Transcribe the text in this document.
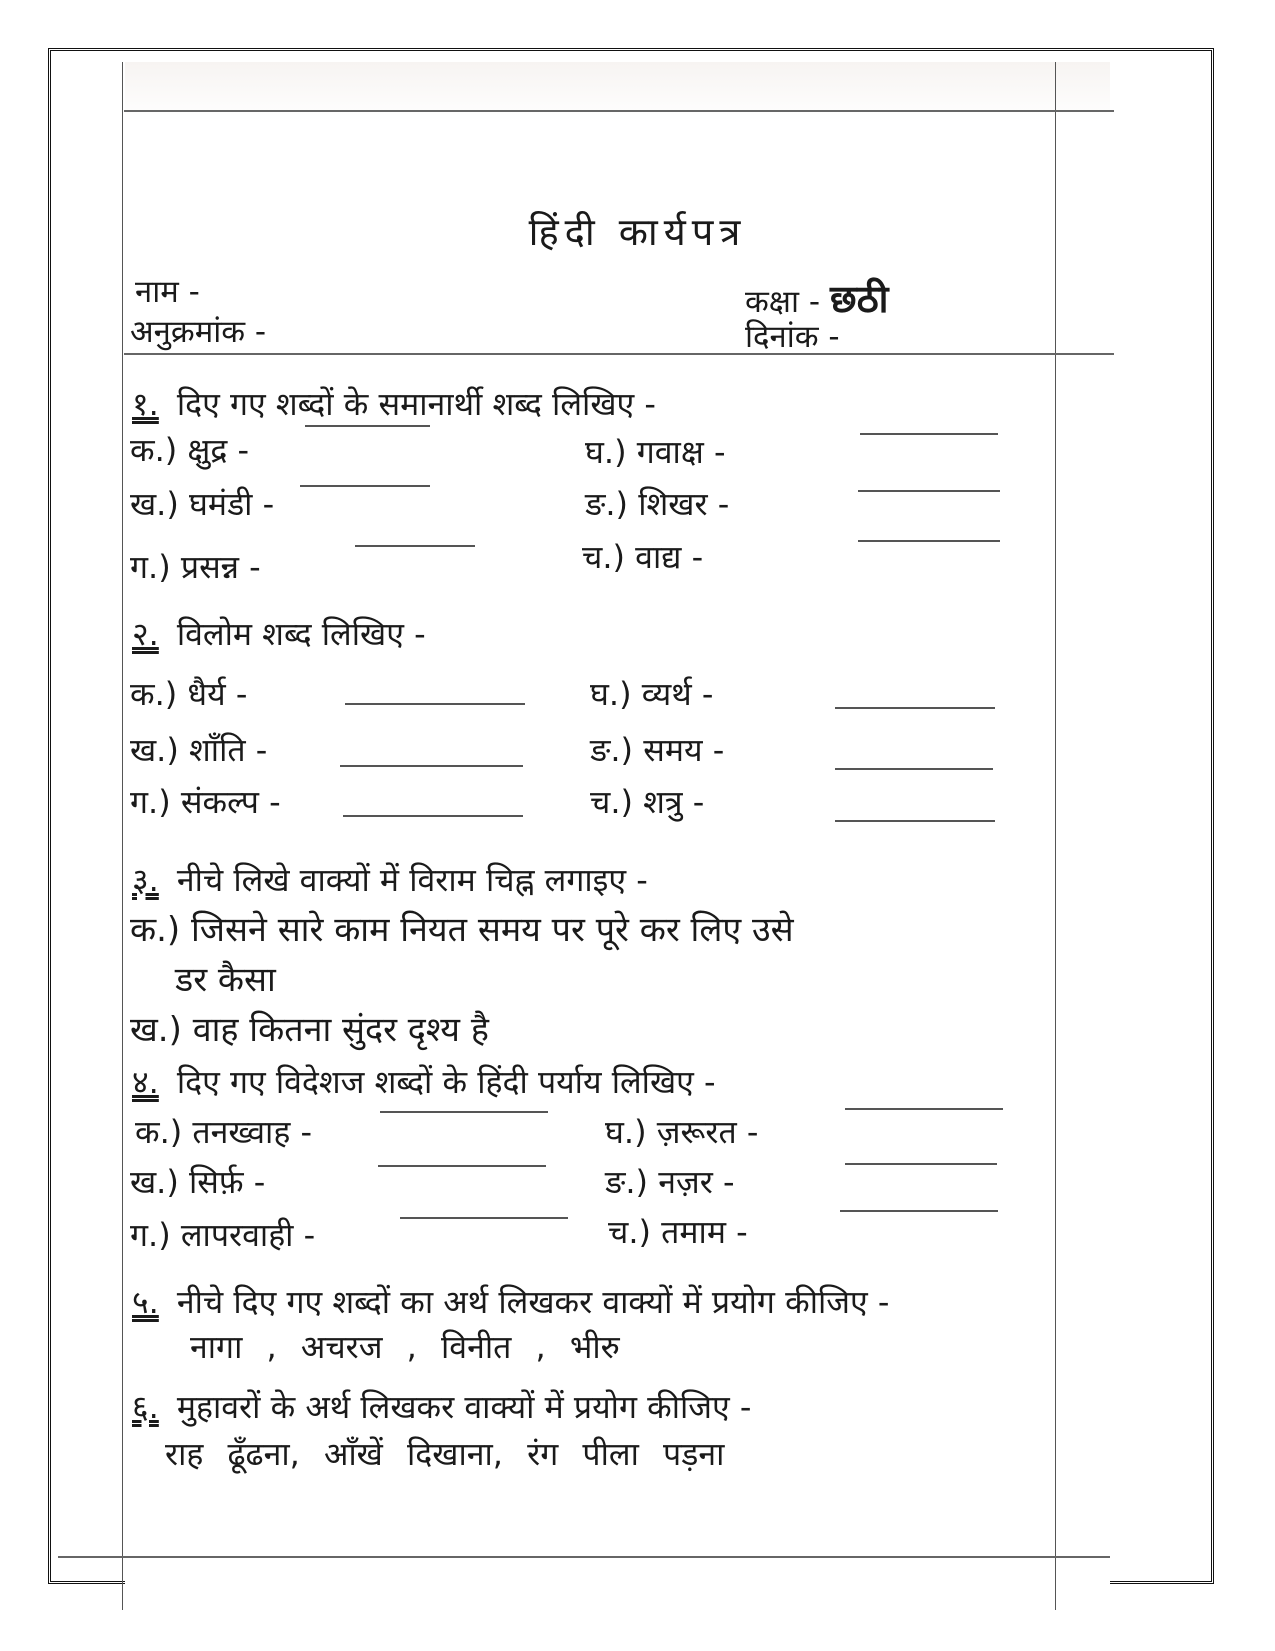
हिंदी कार्यपत्र
नाम -
अनुक्रमांक -
कक्षा - छठी
दिनांक -
१. दिए गए शब्दों के समानार्थी शब्द लिखिए -
क.) क्षुद्र -
ख.) घमंडी -
ग.) प्रसन्न -
घ.) गवाक्ष -
ङ.) शिखर -
च.) वाद्य -
२. विलोम शब्द लिखिए -
क.) धैर्य -
ख.) शाँति -
ग.) संकल्प -
घ.) व्यर्थ -
ङ.) समय -
च.) शत्रु -
३. नीचे लिखे वाक्यों में विराम चिह्न लगाइए -
क.) जिसने सारे काम नियत समय पर पूरे कर लिए उसे
डर कैसा
ख.) वाह कितना सुंदर दृश्य है
४. दिए गए विदेशज शब्दों के हिंदी पर्याय लिखिए -
क.) तनख्वाह -
ख.) सिर्फ़ -
ग.) लापरवाही -
घ.) ज़रूरत -
ङ.) नज़र -
च.) तमाम -
५. नीचे दिए गए शब्दों का अर्थ लिखकर वाक्यों में प्रयोग कीजिए -
नागा , अचरज , विनीत , भीरु
६. मुहावरों के अर्थ लिखकर वाक्यों में प्रयोग कीजिए -
राह ढूँढना, आँखें दिखाना, रंग पीला पड़ना
